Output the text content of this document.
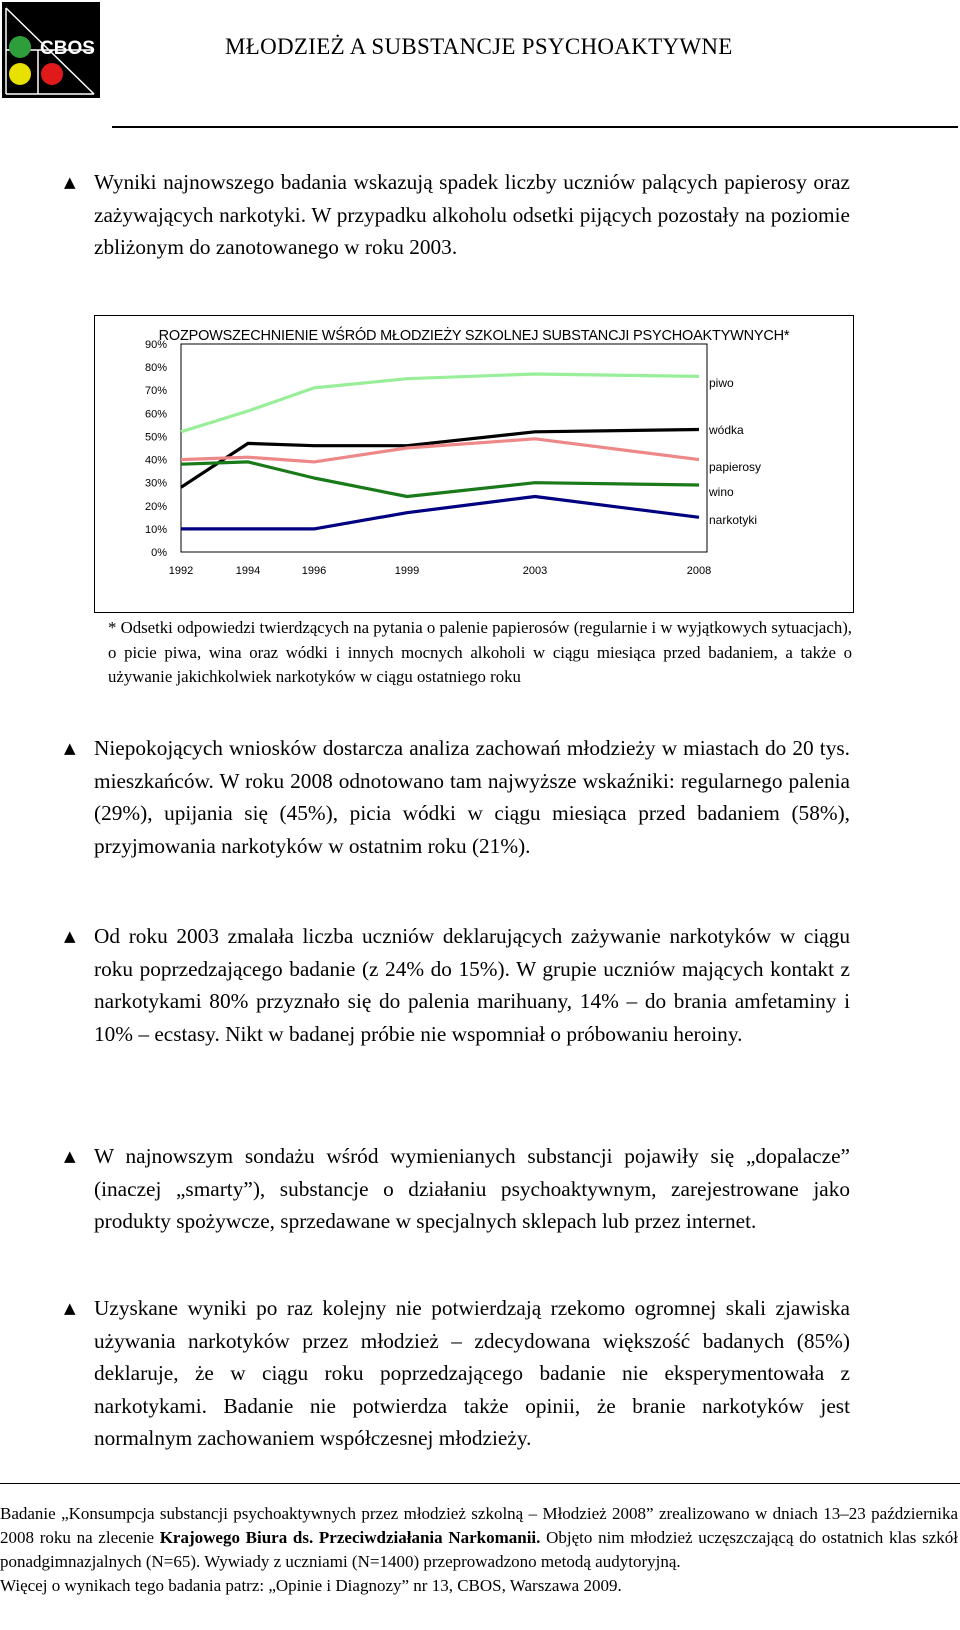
CBOS	MŁODZIEŻ A SUBSTANCJE PSYCHOAKTYWNE
▲ Wyniki najnowszego badania wskazują spadek liczby uczniów palących papierosy oraz zażywających narkotyki. W przypadku alkoholu odsetki pijących pozostały na poziomie zbliżonym do zanotowanego w roku 2003.

ROZPOWSZECHNIENIE WŚRÓD MŁODZIEŻY SZKOLNEJ SUBSTANCJI PSYCHOAKTYWNYCH*
0%
10%
20%
30%
40%
50%
60%
70%
80%
90%
1992	1994	1996	1999	2003	2008
piwo
wódka
papierosy
wino
narkotyki
* Odsetki odpowiedzi twierdzących na pytania o palenie papierosów (regularnie i w wyjątkowych sytuacjach), o picie piwa, wina oraz wódki i innych mocnych alkoholi w ciągu miesiąca przed badaniem, a także o używanie jakichkolwiek narkotyków w ciągu ostatniego roku
▲ Niepokojących wniosków dostarcza analiza zachowań młodzieży w miastach do 20 tys. mieszkańców. W roku 2008 odnotowano tam najwyższe wskaźniki: regularnego palenia (29%), upijania się (45%), picia wódki w ciągu miesiąca przed badaniem (58%), przyjmowania narkotyków w ostatnim roku (21%).

▲ Od roku 2003 zmalała liczba uczniów deklarujących zażywanie narkotyków w ciągu roku poprzedzającego badanie (z 24% do 15%). W grupie uczniów mających kontakt z narkotykami 80% przyznało się do palenia marihuany, 14% – do brania amfetaminy i 10% – ecstasy. Nikt w badanej próbie nie wspomniał o próbowaniu heroiny.

▲ W najnowszym sondażu wśród wymienianych substancji pojawiły się „dopalacze” (inaczej „smarty”), substancje o działaniu psychoaktywnym, zarejestrowane jako produkty spożywcze, sprzedawane w specjalnych sklepach lub przez internet.

▲ Uzyskane wyniki po raz kolejny nie potwierdzają rzekomo ogromnej skali zjawiska używania narkotyków przez młodzież – zdecydowana większość badanych (85%) deklaruje, że w ciągu roku poprzedzającego badanie nie eksperymentowała z narkotykami. Badanie nie potwierdza także opinii, że branie narkotyków jest normalnym zachowaniem współczesnej młodzieży.

Badanie „Konsumpcja substancji psychoaktywnych przez młodzież szkolną – Młodzież 2008” zrealizowano w dniach 13–23 października 2008 roku na zlecenie Krajowego Biura ds. Przeciwdziałania Narkomanii. Objęto nim młodzież uczęszczającą do ostatnich klas szkół ponadgimnazjalnych (N=65). Wywiady z uczniami (N=1400) przeprowadzono metodą audytoryjną.

Więcej o wynikach tego badania patrz: „Opinie i Diagnozy” nr 13, CBOS, Warszawa 2009.
